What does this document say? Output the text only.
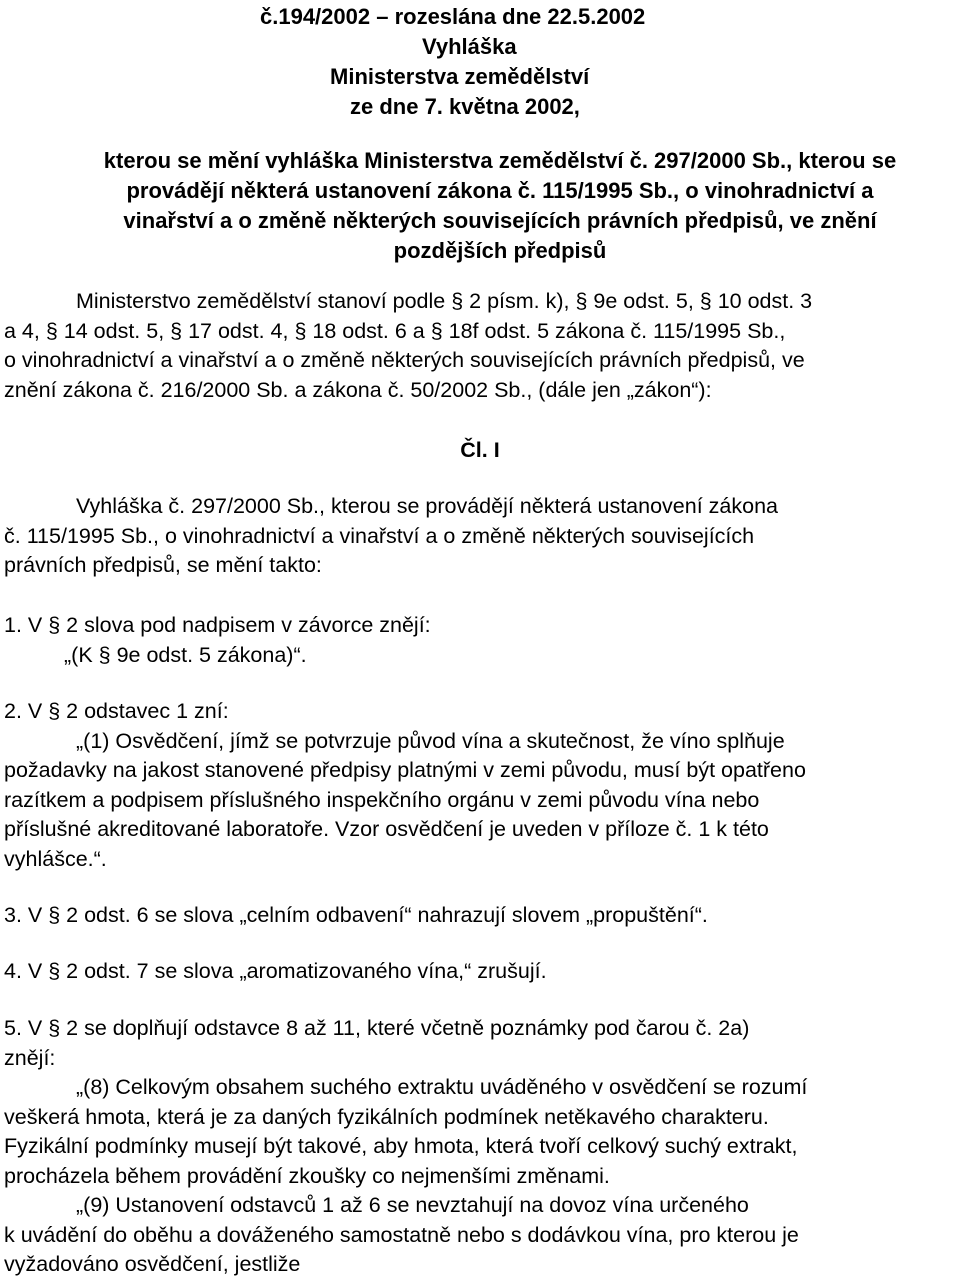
č.194/2002 – rozeslána dne 22.5.2002
Vyhláška
Ministerstva zemědělství
ze dne 7. května 2002,
kterou se mění vyhláška Ministerstva zemědělství č. 297/2000 Sb., kterou se
provádějí některá ustanovení zákona č. 115/1995 Sb., o vinohradnictví a
vinařství a o změně některých souvisejících právních předpisů, ve znění
pozdějších předpisů
Ministerstvo zemědělství stanoví podle § 2 písm. k), § 9e odst. 5, § 10 odst. 3
a 4, § 14 odst. 5, § 17 odst. 4, § 18 odst. 6 a § 18f odst. 5 zákona č. 115/1995 Sb.,
o vinohradnictví a vinařství a o změně některých souvisejících právních předpisů, ve
znění zákona č. 216/2000 Sb. a zákona č. 50/2002 Sb., (dále jen „zákon“):
Čl. I
Vyhláška č. 297/2000 Sb., kterou se provádějí některá ustanovení zákona
č. 115/1995 Sb., o vinohradnictví a vinařství a o změně některých souvisejících
právních předpisů, se mění takto:
1. V § 2 slova pod nadpisem v závorce znějí:
„(K § 9e odst. 5 zákona)“.
2. V § 2 odstavec 1 zní:
„(1) Osvědčení, jímž se potvrzuje původ vína a skutečnost, že víno splňuje
požadavky na jakost stanovené předpisy platnými v zemi původu, musí být opatřeno
razítkem a podpisem příslušného inspekčního orgánu v zemi původu vína nebo
příslušné akreditované laboratoře. Vzor osvědčení je uveden v příloze č. 1 k této
vyhlášce.“.
3. V § 2 odst. 6 se slova „celním odbavení“ nahrazují slovem „propuštění“.
4. V § 2 odst. 7 se slova „aromatizovaného vína,“ zrušují.
5. V § 2 se doplňují odstavce 8 až 11, které včetně poznámky pod čarou č. 2a)
znějí:
„(8) Celkovým obsahem suchého extraktu uváděného v osvědčení se rozumí
veškerá hmota, která je za daných fyzikálních podmínek netěkavého charakteru.
Fyzikální podmínky musejí být takové, aby hmota, která tvoří celkový suchý extrakt,
procházela během provádění zkoušky co nejmenšími změnami.
„(9) Ustanovení odstavců 1 až 6 se nevztahují na dovoz vína určeného
k uvádění do oběhu a dováženého samostatně nebo s dodávkou vína, pro kterou je
vyžadováno osvědčení, jestliže
